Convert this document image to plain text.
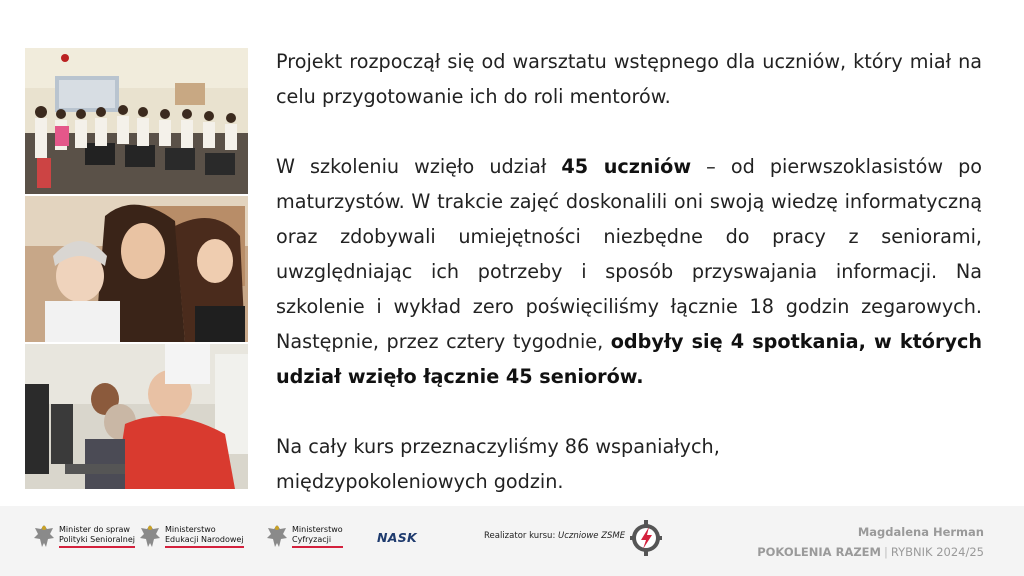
Projekt rozpoczął się od warsztatu wstępnego dla uczniów, który miał na celu przygotowanie ich do roli mentorów.

W szkoleniu wzięło udział 45 uczniów – od pierwszoklasistów po maturzystów. W trakcie zajęć doskonalili oni swoją wiedzę informatyczną oraz zdobywali umiejętności niezbędne do pracy z seniorami, uwzględniając ich potrzeby i sposób przyswajania informacji. Na szkolenie i wykład zero poświęciliśmy łącznie 18 godzin zegarowych. Następnie, przez cztery tygodnie, odbyły się 4 spotkania, w których udział wzięło łącznie 45 seniorów.

Na cały kurs przeznaczyliśmy 86 wspaniałych,
międzypokoleniowych godzin.

Minister do spraw
Polityki Senioralnej
Ministerstwo
Edukacji Narodowej
Ministerstwo
Cyfryzacji	NASK	Realizator kursu: Uczniowe ZSME	Magdalena Herman
POKOLENIA RAZEM | RYBNIK 2024/25
